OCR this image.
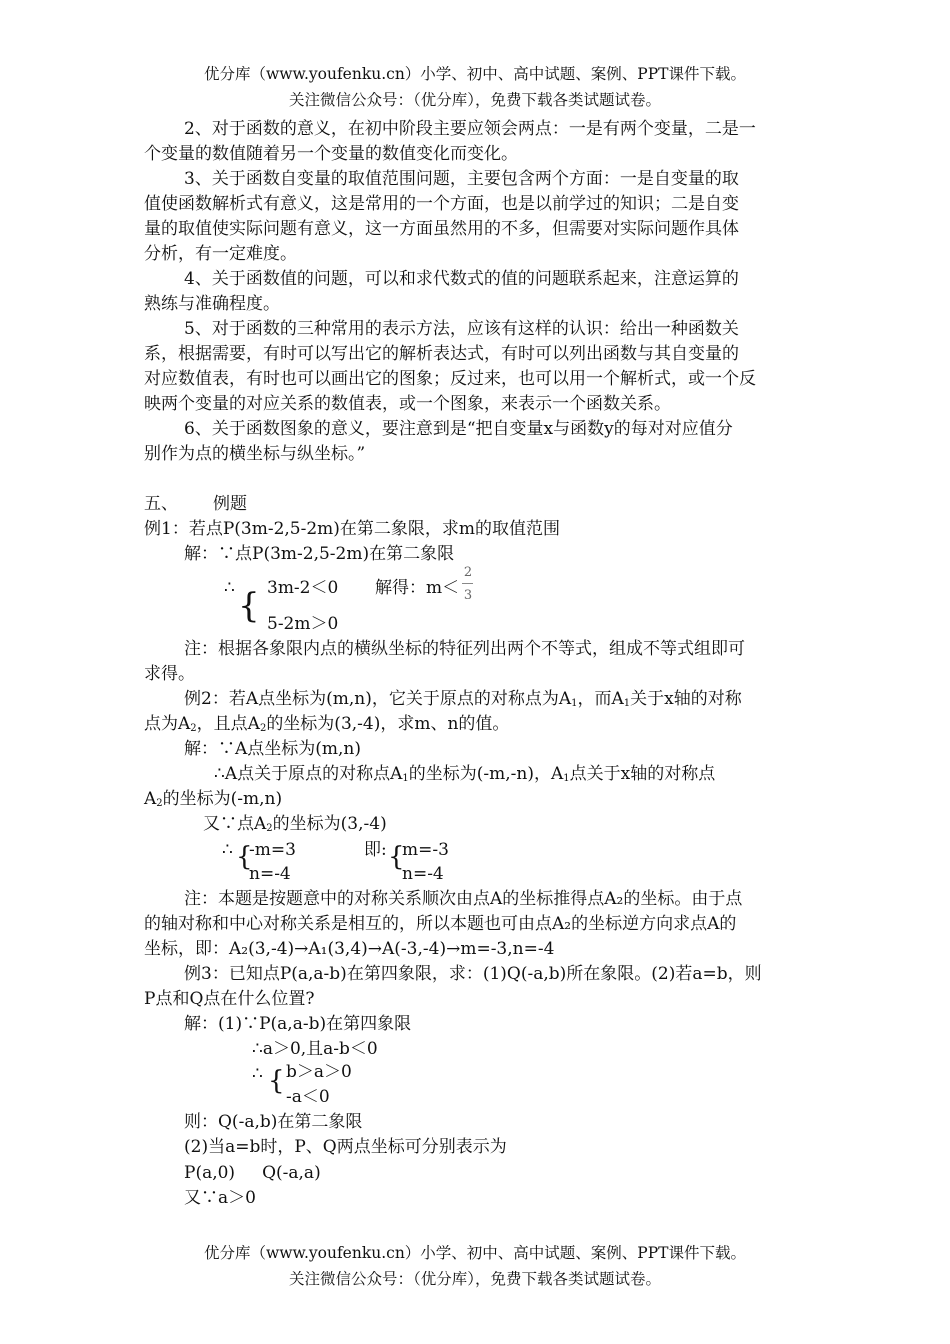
优分库（www.youfenku.cn）小学、初中、高中试题、案例、PPT课件下载。
关注微信公众号：（优分库），免费下载各类试题试卷。
2、对于函数的意义，在初中阶段主要应领会两点：一是有两个变量，二是一
个变量的数值随着另一个变量的数值变化而变化。
3、关于函数自变量的取值范围问题，主要包含两个方面：一是自变量的取
值使函数解析式有意义，这是常用的一个方面，也是以前学过的知识；二是自变
量的取值使实际问题有意义，这一方面虽然用的不多，但需要对实际问题作具体
分析，有一定难度。
4、关于函数值的问题，可以和求代数式的值的问题联系起来，注意运算的
熟练与准确程度。
5、对于函数的三种常用的表示方法，应该有这样的认识：给出一种函数关
系，根据需要，有时可以写出它的解析表达式，有时可以列出函数与其自变量的
对应数值表，有时也可以画出它的图象；反过来，也可以用一个解析式，或一个反
映两个变量的对应关系的数值表，或一个图象，来表示一个函数关系。
6、关于函数图象的意义，要注意到是“把自变量x与函数y的每对对应值分
别作为点的横坐标与纵坐标。”
五、 例题
例1：若点P(3m-2,5-2m)在第二象限，求m的取值范围
解：∵点P(3m-2,5-2m)在第二象限
∴ { 3m-2＜0
5-2m＞0
解得：m＜
2
3
注：根据各象限内点的横纵坐标的特征列出两个不等式，组成不等式组即可
求得。
例2：若A点坐标为(m,n)，它关于原点的对称点为$A_1$，而$A_1$关于x轴的对称
点为$A_2$，且点$A_2$的坐标为(3,-4)，求m、n的值。
解：∵A点坐标为(m,n)
∴A点关于原点的对称点$A_1$的坐标为(-m,-n)，$A_1$点关于x轴的对称点
$A_2$的坐标为(-m,n)
又∵点$A_2$的坐标为(3,-4)
∴ {
-m=3
n=-4
即: {
m=-3
n=-4
注：本题是按题意中的对称关系顺次由点A的坐标推得点A₂的坐标。由于点
的轴对称和中心对称关系是相互的，所以本题也可由点A₂的坐标逆方向求点A的
坐标，即：A₂(3,-4)→A₁(3,4)→A(-3,-4)→m=-3,n=-4
例3：已知点P(a,a-b)在第四象限，求：(1)Q(-a,b)所在象限。(2)若a=b，则
P点和Q点在什么位置?
解：(1)∵P(a,a-b)在第四象限
∴a＞0,且a-b＜0
∴ { b＞a＞0
-a＜0
则：Q(-a,b)在第二象限
(2)当a=b时，P、Q两点坐标可分别表示为
P(a,0)     Q(-a,a)
又∵a＞0
优分库（www.youfenku.cn）小学、初中、高中试题、案例、PPT课件下载。
关注微信公众号：（优分库），免费下载各类试题试卷。
